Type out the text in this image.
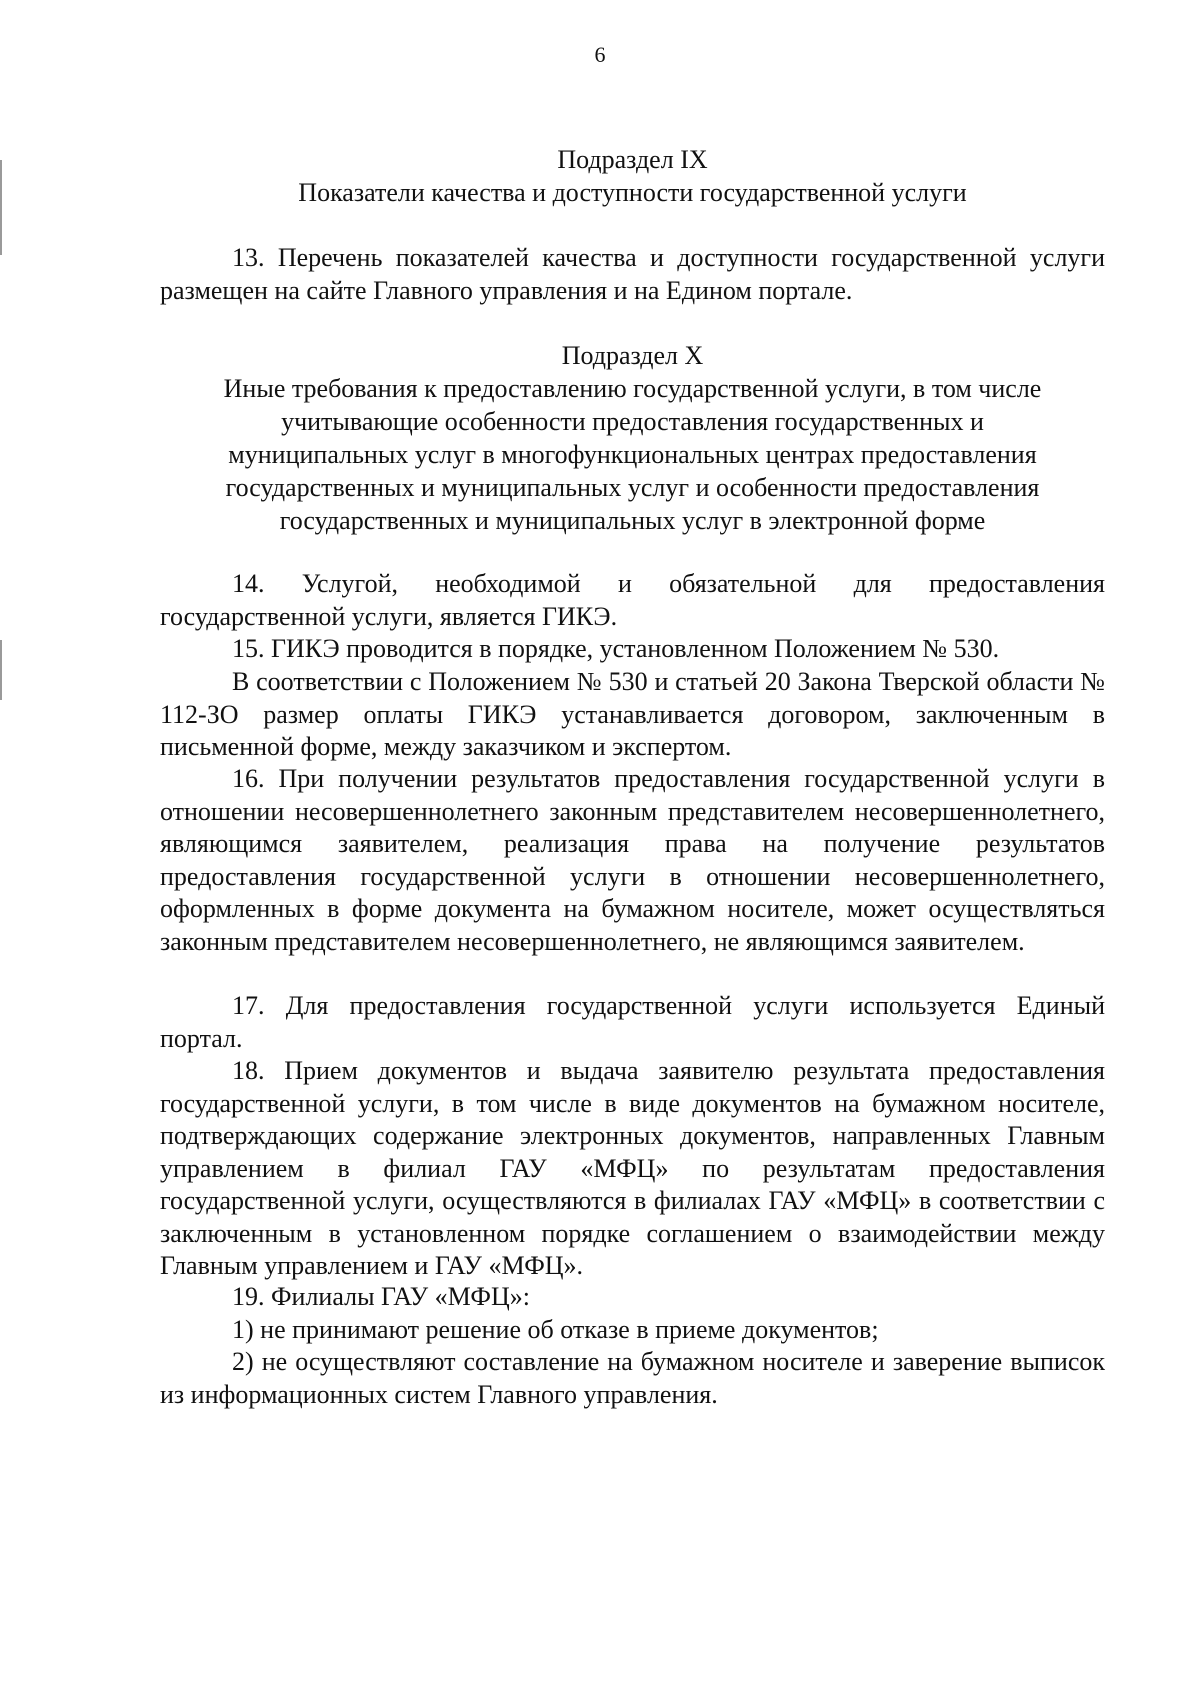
6
Подраздел IX
Показатели качества и доступности государственной услуги

13. Перечень показателей качества и доступности государственной услуги размещен на сайте Главного управления и на Едином портале.

Подраздел X
Иные требования к предоставлению государственной услуги, в том числе
учитывающие особенности предоставления государственных и
муниципальных услуг в многофункциональных центрах предоставления
государственных и муниципальных услуг и особенности предоставления
государственных и муниципальных услуг в электронной форме

14. Услугой, необходимой и обязательной для предоставления государственной услуги, является ГИКЭ.

15. ГИКЭ проводится в порядке, установленном Положением № 530.

В соответствии с Положением № 530 и статьей 20 Закона Тверской области № 112-ЗО размер оплаты ГИКЭ устанавливается договором, заключенным в письменной форме, между заказчиком и экспертом.

16. При получении результатов предоставления государственной услуги в отношении несовершеннолетнего законным представителем несовершеннолетнего, являющимся заявителем, реализация права на получение результатов предоставления государственной услуги в отношении несовершеннолетнего, оформленных в форме документа на бумажном носителе, может осуществляться законным представителем несовершеннолетнего, не являющимся заявителем.

17. Для предоставления государственной услуги используется Единый портал.

18. Прием документов и выдача заявителю результата предоставления государственной услуги, в том числе в виде документов на бумажном носителе, подтверждающих содержание электронных документов, направленных Главным управлением в филиал ГАУ «МФЦ» по результатам предоставления государственной услуги, осуществляются в филиалах ГАУ «МФЦ» в соответствии с заключенным в установленном порядке соглашением о взаимодействии между Главным управлением и ГАУ «МФЦ».

19. Филиалы ГАУ «МФЦ»:

1) не принимают решение об отказе в приеме документов;

2) не осуществляют составление на бумажном носителе и заверение выписок из информационных систем Главного управления.
